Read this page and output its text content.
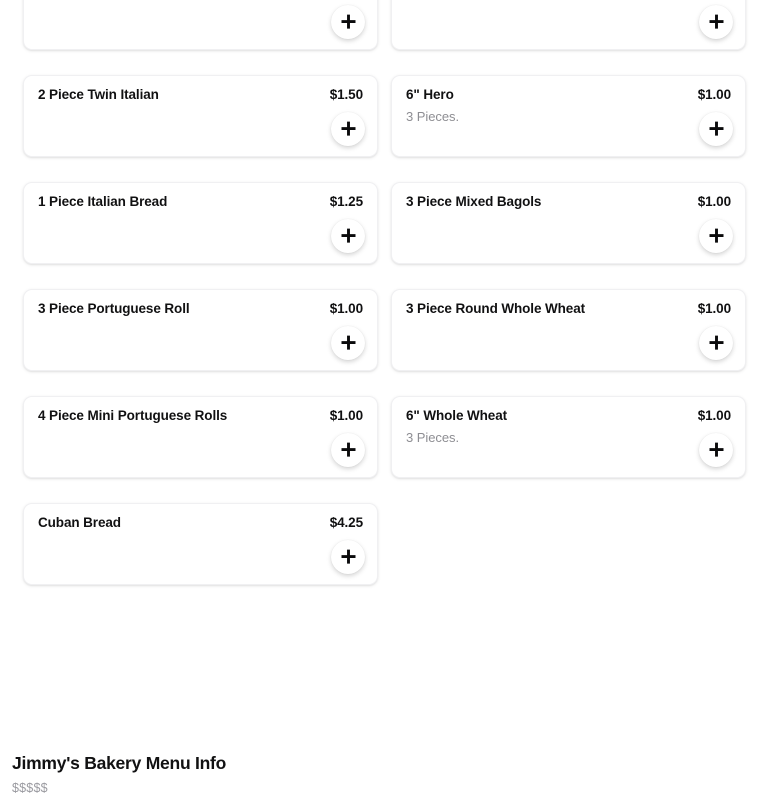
2 Piece Twin Italian	$1.50	6" Hero	$1.00
3 Pieces.
1 Piece Italian Bread	$1.25	3 Piece Mixed Bagols	$1.00
3 Piece Portuguese Roll	$1.00	3 Piece Round Whole Wheat	$1.00
4 Piece Mini Portuguese Rolls	$1.00	6" Whole Wheat	$1.00
3 Pieces.
Cuban Bread	$4.25
Jimmy's Bakery Menu Info
$$$$$
